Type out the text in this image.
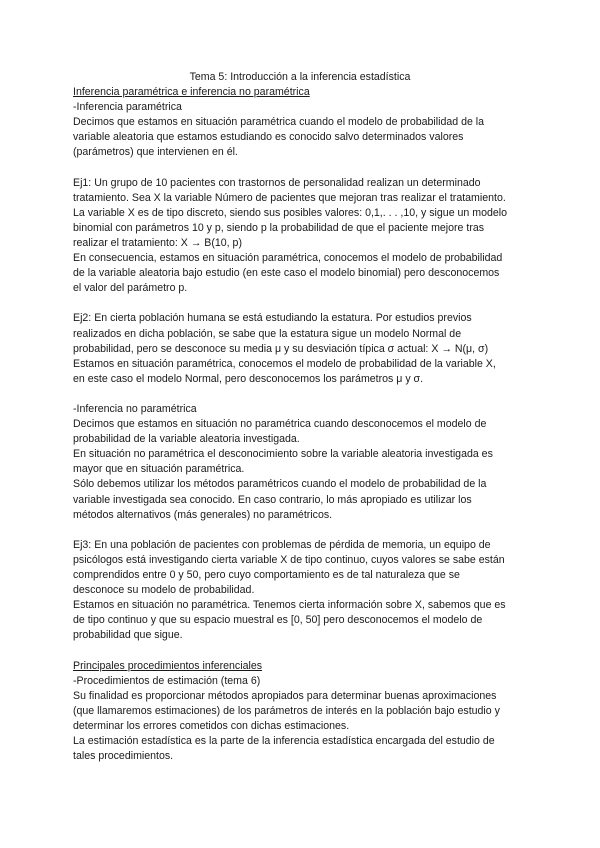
Tema 5: Introducción a la inferencia estadística
Inferencia paramétrica e inferencia no paramétrica
-Inferencia paramétrica
Decimos que estamos en situación paramétrica cuando el modelo de probabilidad de la
variable aleatoria que estamos estudiando es conocido salvo determinados valores
(parámetros) que intervienen en él.
Ej1: Un grupo de 10 pacientes con trastornos de personalidad realizan un determinado
tratamiento. Sea X la variable Número de pacientes que mejoran tras realizar el tratamiento.
La variable X es de tipo discreto, siendo sus posibles valores: 0,1,. . . ,10, y sigue un modelo
binomial con parámetros 10 y p, siendo p la probabilidad de que el paciente mejore tras
realizar el tratamiento: X → B(10, p)
En consecuencia, estamos en situación paramétrica, conocemos el modelo de probabilidad
de la variable aleatoria bajo estudio (en este caso el modelo binomial) pero desconocemos
el valor del parámetro p.
Ej2: En cierta población humana se está estudiando la estatura. Por estudios previos
realizados en dicha población, se sabe que la estatura sigue un modelo Normal de
probabilidad, pero se desconoce su media μ y su desviación típica σ actual: X → N(μ, σ)
Estamos en situación paramétrica, conocemos el modelo de probabilidad de la variable X,
en este caso el modelo Normal, pero desconocemos los parámetros μ y σ.
-Inferencia no paramétrica
Decimos que estamos en situación no paramétrica cuando desconocemos el modelo de
probabilidad de la variable aleatoria investigada.
En situación no paramétrica el desconocimiento sobre la variable aleatoria investigada es
mayor que en situación paramétrica.
Sólo debemos utilizar los métodos paramétricos cuando el modelo de probabilidad de la
variable investigada sea conocido. En caso contrario, lo más apropiado es utilizar los
métodos alternativos (más generales) no paramétricos.
Ej3: En una población de pacientes con problemas de pérdida de memoria, un equipo de
psicólogos está investigando cierta variable X de tipo continuo, cuyos valores se sabe están
comprendidos entre 0 y 50, pero cuyo comportamiento es de tal naturaleza que se
desconoce su modelo de probabilidad.
Estamos en situación no paramétrica. Tenemos cierta información sobre X, sabemos que es
de tipo continuo y que su espacio muestral es [0, 50] pero desconocemos el modelo de
probabilidad que sigue.
Principales procedimientos inferenciales
-Procedimientos de estimación (tema 6)
Su finalidad es proporcionar métodos apropiados para determinar buenas aproximaciones
(que llamaremos estimaciones) de los parámetros de interés en la población bajo estudio y
determinar los errores cometidos con dichas estimaciones.
La estimación estadística es la parte de la inferencia estadística encargada del estudio de
tales procedimientos.
